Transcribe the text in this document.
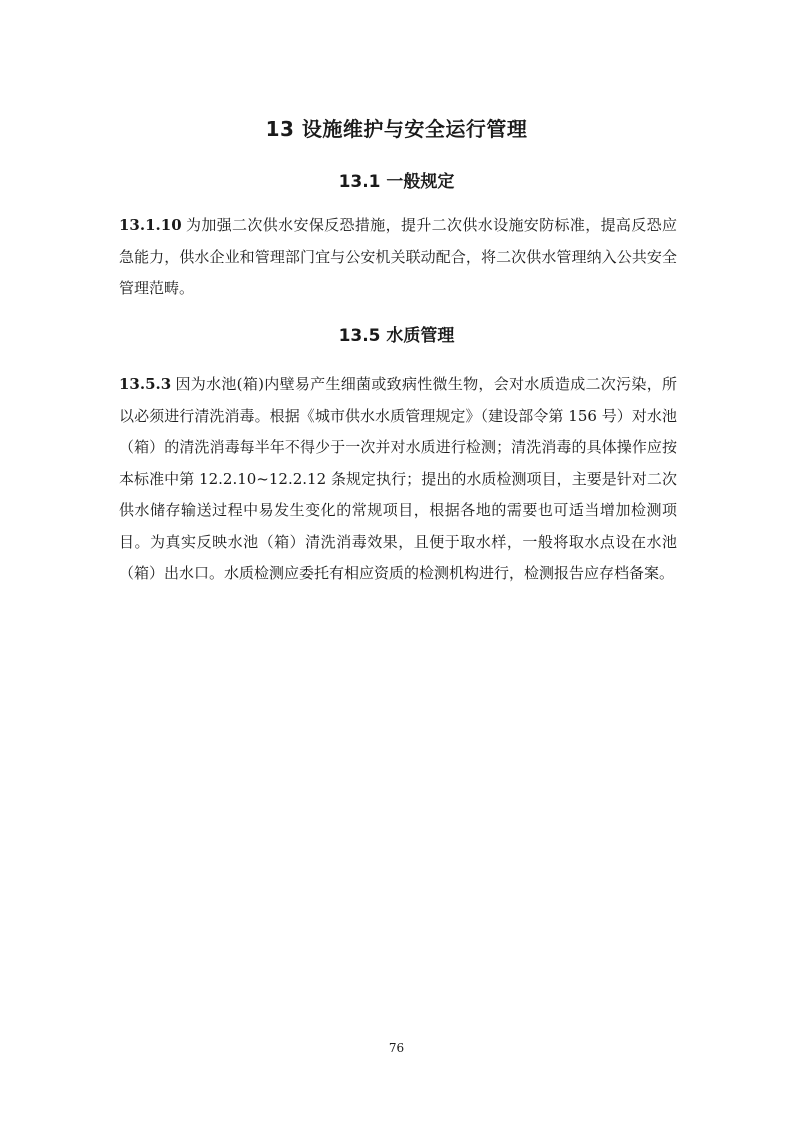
13 设施维护与安全运行管理
13.1 一般规定
13.1.10 为加强二次供水安保反恐措施，提升二次供水设施安防标准，提高反恐应急能力，供水企业和管理部门宜与公安机关联动配合，将二次供水管理纳入公共安全管理范畴。
13.5 水质管理
13.5.3 因为水池(箱)内壁易产生细菌或致病性微生物，会对水质造成二次污染，所以必须进行清洗消毒。根据《城市供水水质管理规定》（建设部令第 156 号）对水池（箱）的清洗消毒每半年不得少于一次并对水质进行检测；清洗消毒的具体操作应按本标准中第 12.2.10~12.2.12 条规定执行；提出的水质检测项目，主要是针对二次供水储存输送过程中易发生变化的常规项目，根据各地的需要也可适当增加检测项目。为真实反映水池（箱）清洗消毒效果，且便于取水样，一般将取水点设在水池（箱）出水口。水质检测应委托有相应资质的检测机构进行，检测报告应存档备案。
76
